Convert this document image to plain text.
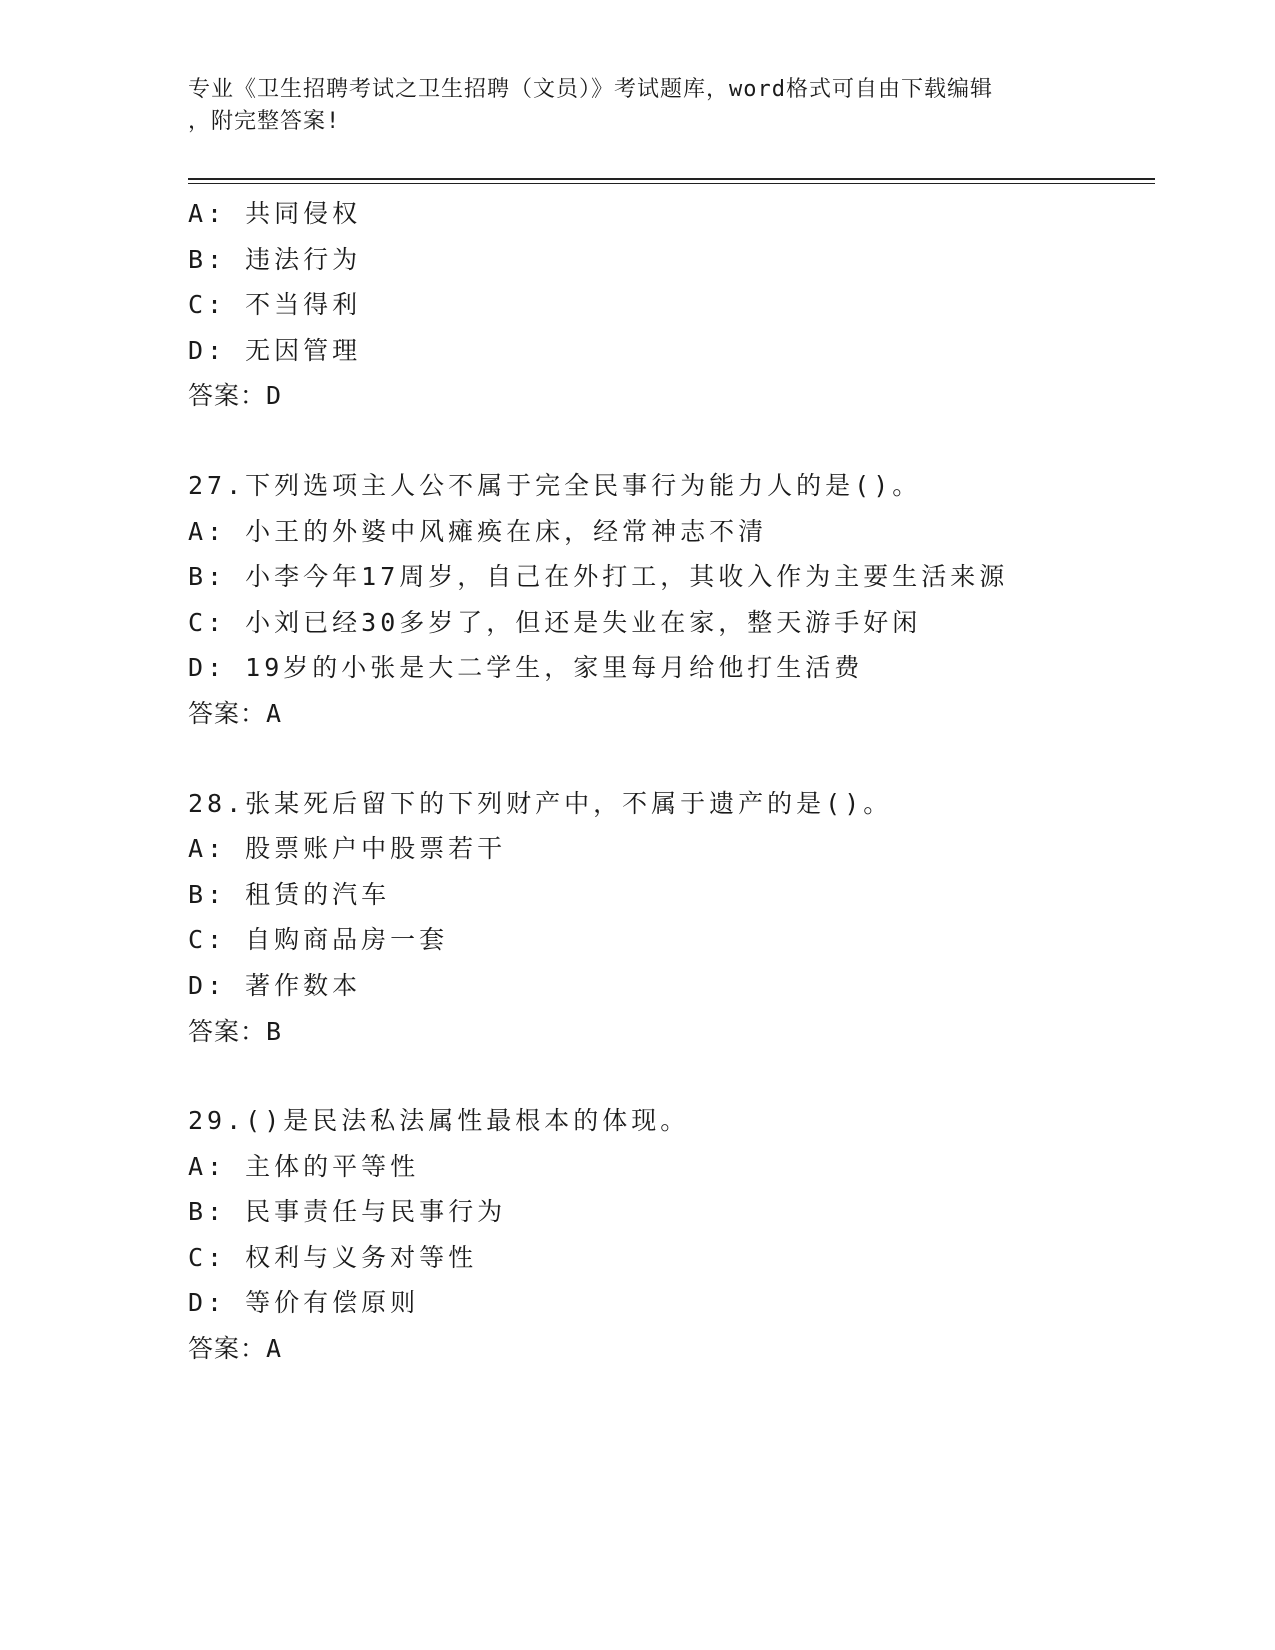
专业《卫生招聘考试之卫生招聘（文员）》考试题库，word格式可自由下载编辑
，附完整答案!
A: 共同侵权
B: 违法行为
C: 不当得利
D: 无因管理
答案：D
27.下列选项主人公不属于完全民事行为能力人的是()。
A: 小王的外婆中风瘫痪在床，经常神志不清
B: 小李今年17周岁，自己在外打工，其收入作为主要生活来源
C: 小刘已经30多岁了，但还是失业在家，整天游手好闲
D: 19岁的小张是大二学生，家里每月给他打生活费
答案：A
28.张某死后留下的下列财产中，不属于遗产的是()。
A: 股票账户中股票若干
B: 租赁的汽车
C: 自购商品房一套
D: 著作数本
答案：B
29.()是民法私法属性最根本的体现。
A: 主体的平等性
B: 民事责任与民事行为
C: 权利与义务对等性
D: 等价有偿原则
答案：A
